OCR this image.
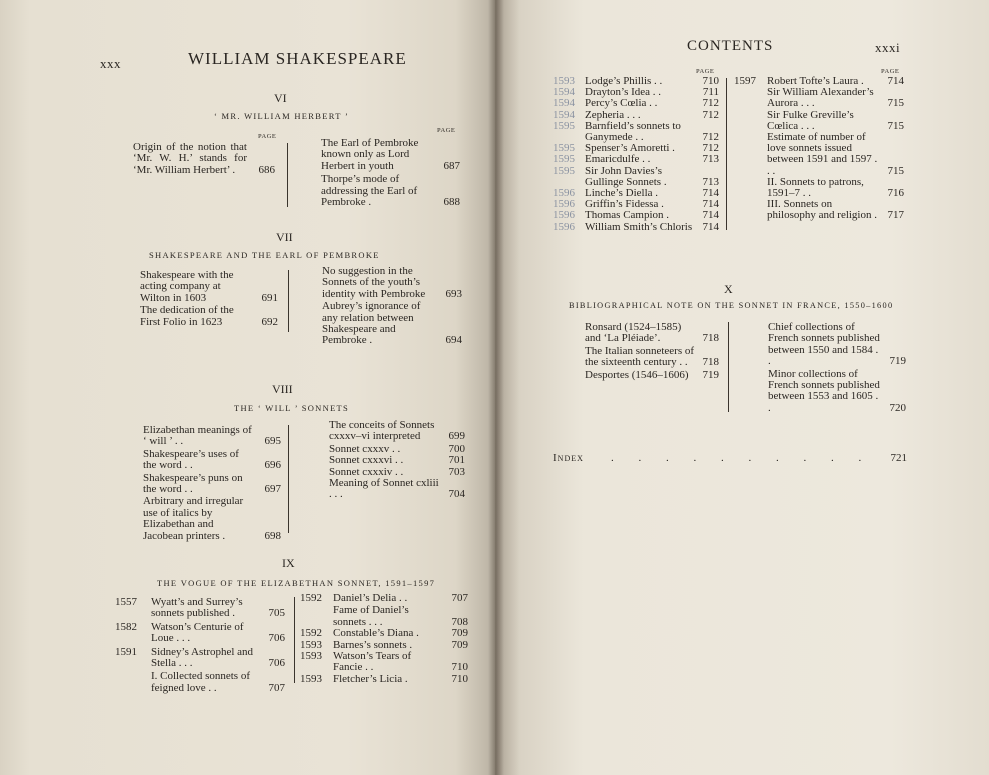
xxx	WILLIAM SHAKESPEARE
VI
‘ MR. WILLIAM HERBERT ’
PAGE
PAGE
Origin of the notion that ‘Mr. W. H.’ stands for ‘Mr. William Herbert’ .	686
The Earl of Pembroke known only as Lord Herbert in youth	687
Thorpe’s mode of addressing the Earl of Pembroke .	688
VII
SHAKESPEARE AND THE EARL OF PEMBROKE
Shakespeare with the acting company at Wilton in 1603	691
The dedication of the First Folio in 1623	692
No suggestion in the Sonnets of the youth’s identity with Pembroke	693
Aubrey’s ignorance of any relation between Shakespeare and Pembroke .	694
VIII
THE ‘ WILL ’ SONNETS
Elizabethan meanings of ‘ will ’ . .	695
Shakespeare’s uses of the word . .	696
Shakespeare’s puns on the word . .	697
Arbitrary and irregular use of italics by Elizabethan and Jacobean printers .	698
The conceits of Sonnets cxxxv–vi interpreted	699
Sonnet cxxxv . .	700
Sonnet cxxxvi . .	701
Sonnet cxxxiv . .	703
Meaning of Sonnet cxliii . . .	704
IX
THE VOGUE OF THE ELIZABETHAN SONNET, 1591–1597
1557 Wyatt’s and Surrey’s sonnets published .	705
1582 Watson’s Centurie of Loue . . .	706
1591 Sidney’s Astrophel and Stella . . .	706
I. Collected sonnets of feigned love . .	707
1592 Daniel’s Delia . .	707
Fame of Daniel’s sonnets . . .	708
1592 Constable’s Diana .	709
1593 Barnes’s sonnets .	709
1593 Watson’s Tears of Fancie . .	710
1593 Fletcher’s Licia .	710
CONTENTS	xxxi
PAGE	PAGE
1593 Lodge’s Phillis . .	710
1594 Drayton’s Idea . .	711
1594 Percy’s Cœlia . .	712
1594 Zepheria . . .	712
1595 Barnfield’s sonnets to Ganymede . .	712
1595 Spenser’s Amoretti .	712
1595 Emaricdulfe . .	713
1595 Sir John Davies’s Gullinge Sonnets .	713
1596 Linche’s Diella .	714
1596 Griffin’s Fidessa .	714
1596 Thomas Campion .	714
1596 William Smith’s Chloris 714
1597 Robert Tofte’s Laura .	714
Sir William Alexander’s Aurora . . .	715
Sir Fulke Greville’s Cœlica . . .	715
Estimate of number of love sonnets issued between 1591 and 1597 . . .	715
II. Sonnets to patrons, 1591–7 . .	716
III. Sonnets on philosophy and religion . 717
X
BIBLIOGRAPHICAL NOTE ON THE SONNET IN FRANCE, 1550–1600
Ronsard (1524–1585) and ‘La Pléiade’.	718
The Italian sonneteers of the sixteenth century . .	718
Desportes (1546–1606)	719
Chief collections of French sonnets published between 1550 and 1584 . .	719
Minor collections of French sonnets published between 1553 and 1605 . .	720
Index . . . . . . . . . . 721
